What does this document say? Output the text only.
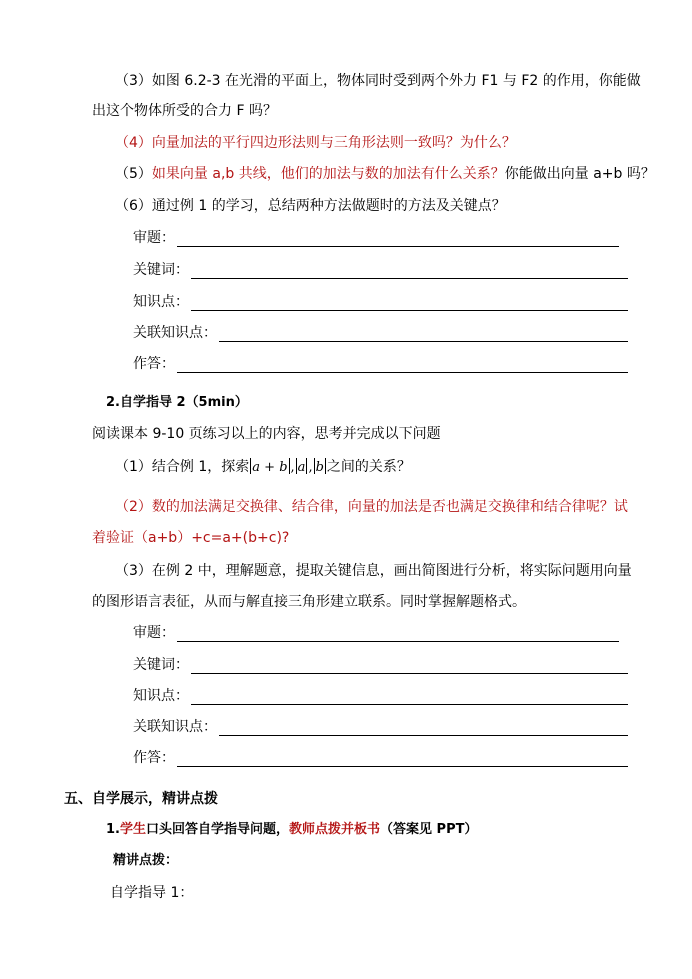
（3）如图 6.2-3 在光滑的平面上，物体同时受到两个外力 F1 与 F2 的作用，你能做
出这个物体所受的合力 F 吗？
（4）向量加法的平行四边形法则与三角形法则一致吗？为什么？
（5）如果向量 a,b 共线，他们的加法与数的加法有什么关系？你能做出向量 a+b 吗？
（6）通过例 1 的学习，总结两种方法做题时的方法及关键点？
审题：
关键词：
知识点：
关联知识点：
作答：
2.自学指导 2（5min）
阅读课本 9-10 页练习以上的内容，思考并完成以下问题
（1）结合例 1，探索 a + b , a , b 之间的关系？
（2）数的加法满足交换律、结合律，向量的加法是否也满足交换律和结合律呢？试
着验证（a+b）+c=a+(b+c)?
（3）在例 2 中，理解题意，提取关键信息，画出简图进行分析，将实际问题用向量
的图形语言表征，从而与解直接三角形建立联系。同时掌握解题格式。
审题：
关键词：
知识点：
关联知识点：
作答：
五、自学展示，精讲点拨
1.学生口头回答自学指导问题，教师点拨并板书（答案见 PPT）
精讲点拨：
自学指导 1：
